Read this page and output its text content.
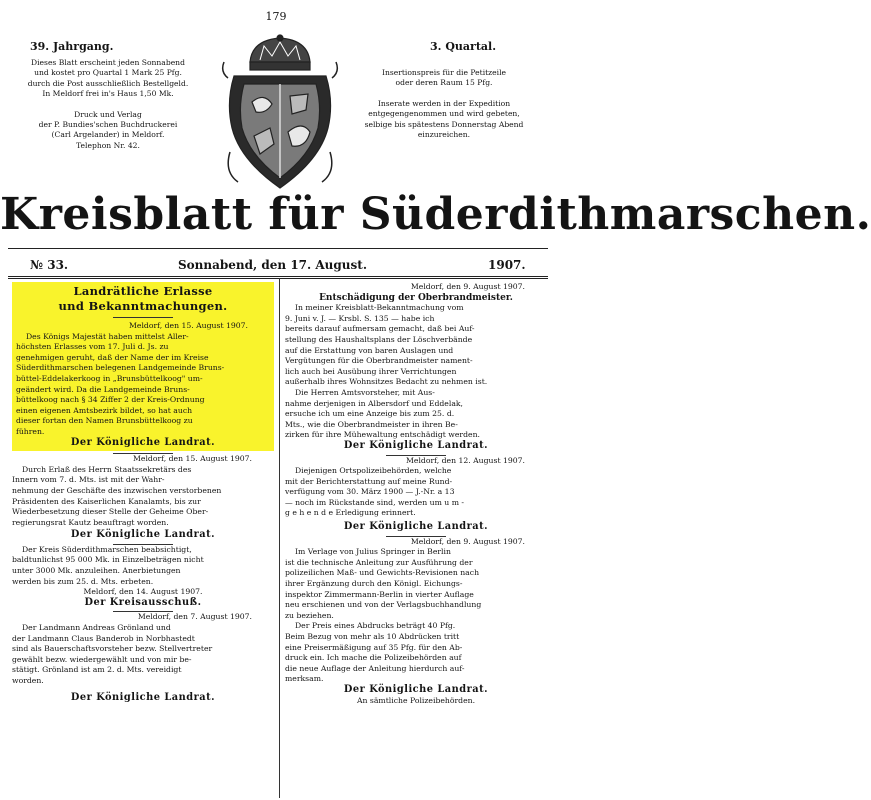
179
39. Jahrgang.	3. Quartal.
Dieses Blatt erscheint jeden Sonnabend
und kostet pro Quartal 1 Mark 25 Pfg.
durch die Post ausschließlich Bestellgeld.
In Meldorf frei in's Haus 1,50 Mk.
Druck und Verlag
der P. Bundies'schen Buchdruckerei
(Carl Argelander) in Meldorf.
Telephon Nr. 42.
Insertionspreis für die Petitzeile
oder deren Raum 15 Pfg.
Inserate werden in der Expedition
entgegengenommen und wird gebeten,
selbige bis spätestens Donnerstag Abend
einzureichen.
Kreisblatt für Süderdithmarschen.
№ 33.	Sonnabend, den 17. August.	1907.
Landrätliche Erlasse
und Bekanntmachungen.
Meldorf, den 15. August 1907.
Des Königs Majestät haben mittelst Aller-
höchsten Erlasses vom 17. Juli d. Js. zu
genehmigen geruht, daß der Name der im Kreise
Süderdithmarschen belegenen Landgemeinde Bruns-
büttel-Eddelakerkoog in „Brunsbüttelkoog" um-
geändert wird. Da die Landgemeinde Bruns-
büttelkoog nach § 34 Ziffer 2 der Kreis-Ordnung
einen eigenen Amtsbezirk bildet, so hat auch
dieser fortan den Namen Brunsbüttelkoog zu
führen.
Der Königliche Landrat.
Meldorf, den 15. August 1907.
Durch Erlaß des Herrn Staatssekretärs des
Innern vom 7. d. Mts. ist mit der Wahr-
nehmung der Geschäfte des inzwischen verstorbenen
Präsidenten des Kaiserlichen Kanalamts, bis zur
Wiederbesetzung dieser Stelle der Geheime Ober-
regierungsrat Kautz beauftragt worden.
Der Königliche Landrat.
Der Kreis Süderdithmarschen beabsichtigt,
baldtunlichst 95 000 Mk. in Einzelbeträgen nicht
unter 3000 Mk. anzuleihen. Anerbietungen
werden bis zum 25. d. Mts. erbeten.
Meldorf, den 14. August 1907.
Der Kreisausschuß.
Meldorf, den 7. August 1907.
Der Landmann Andreas Grönland und
der Landmann Claus Banderob in Norbhastedt
sind als Bauerschaftsvorsteher bezw. Stellvertreter
gewählt bezw. wiedergewählt und von mir be-
stätigt. Grönland ist am 2. d. Mts. vereidigt
worden.
Der Königliche Landrat.
Meldorf, den 9. August 1907.
Entschädigung der Oberbrandmeister.
In meiner Kreisblatt-Bekanntmachung vom
9. Juni v. J. — Krsbl. S. 135 — habe ich
bereits darauf aufmersam gemacht, daß bei Auf-
stellung des Haushaltsplans der Löschverbände
auf die Erstattung von baren Auslagen und
Vergütungen für die Oberbrandmeister nament-
lich auch bei Ausübung ihrer Verrichtungen
außerhalb ihres Wohnsitzes Bedacht zu nehmen ist.
Die Herren Amtsvorsteher, mit Aus-
nahme derjenigen in Albersdorf und Eddelak,
ersuche ich um eine Anzeige bis zum 25. d.
Mts., wie die Oberbrandmeister in ihren Be-
zirken für ihre Mühewaltung entschädigt werden.
Der Königliche Landrat.
Meldorf, den 12. August 1907.
Diejenigen Ortspolizeibehörden, welche
mit der Berichterstattung auf meine Rund-
verfügung vom 30. März 1900 — J.-Nr. a 13
— noch im Rückstande sind, werden um u m -
g e h e n d e Erledigung erinnert.
Der Königliche Landrat.
Meldorf, den 9. August 1907.
Im Verlage von Julius Springer in Berlin
ist die technische Anleitung zur Ausführung der
polizeilichen Maß- und Gewichts-Revisionen nach
ihrer Ergänzung durch den Königl. Eichungs-
inspektor Zimmermann-Berlin in vierter Auflage
neu erschienen und von der Verlagsbuchhandlung
zu beziehen.
Der Preis eines Abdrucks beträgt 40 Pfg.
Beim Bezug von mehr als 10 Abdrücken tritt
eine Preisermäßigung auf 35 Pfg. für den Ab-
druck ein. Ich mache die Polizeibehörden auf
die neue Auflage der Anleitung hierdurch auf-
merksam.
Der Königliche Landrat.
An sämtliche Polizeibehörden.
